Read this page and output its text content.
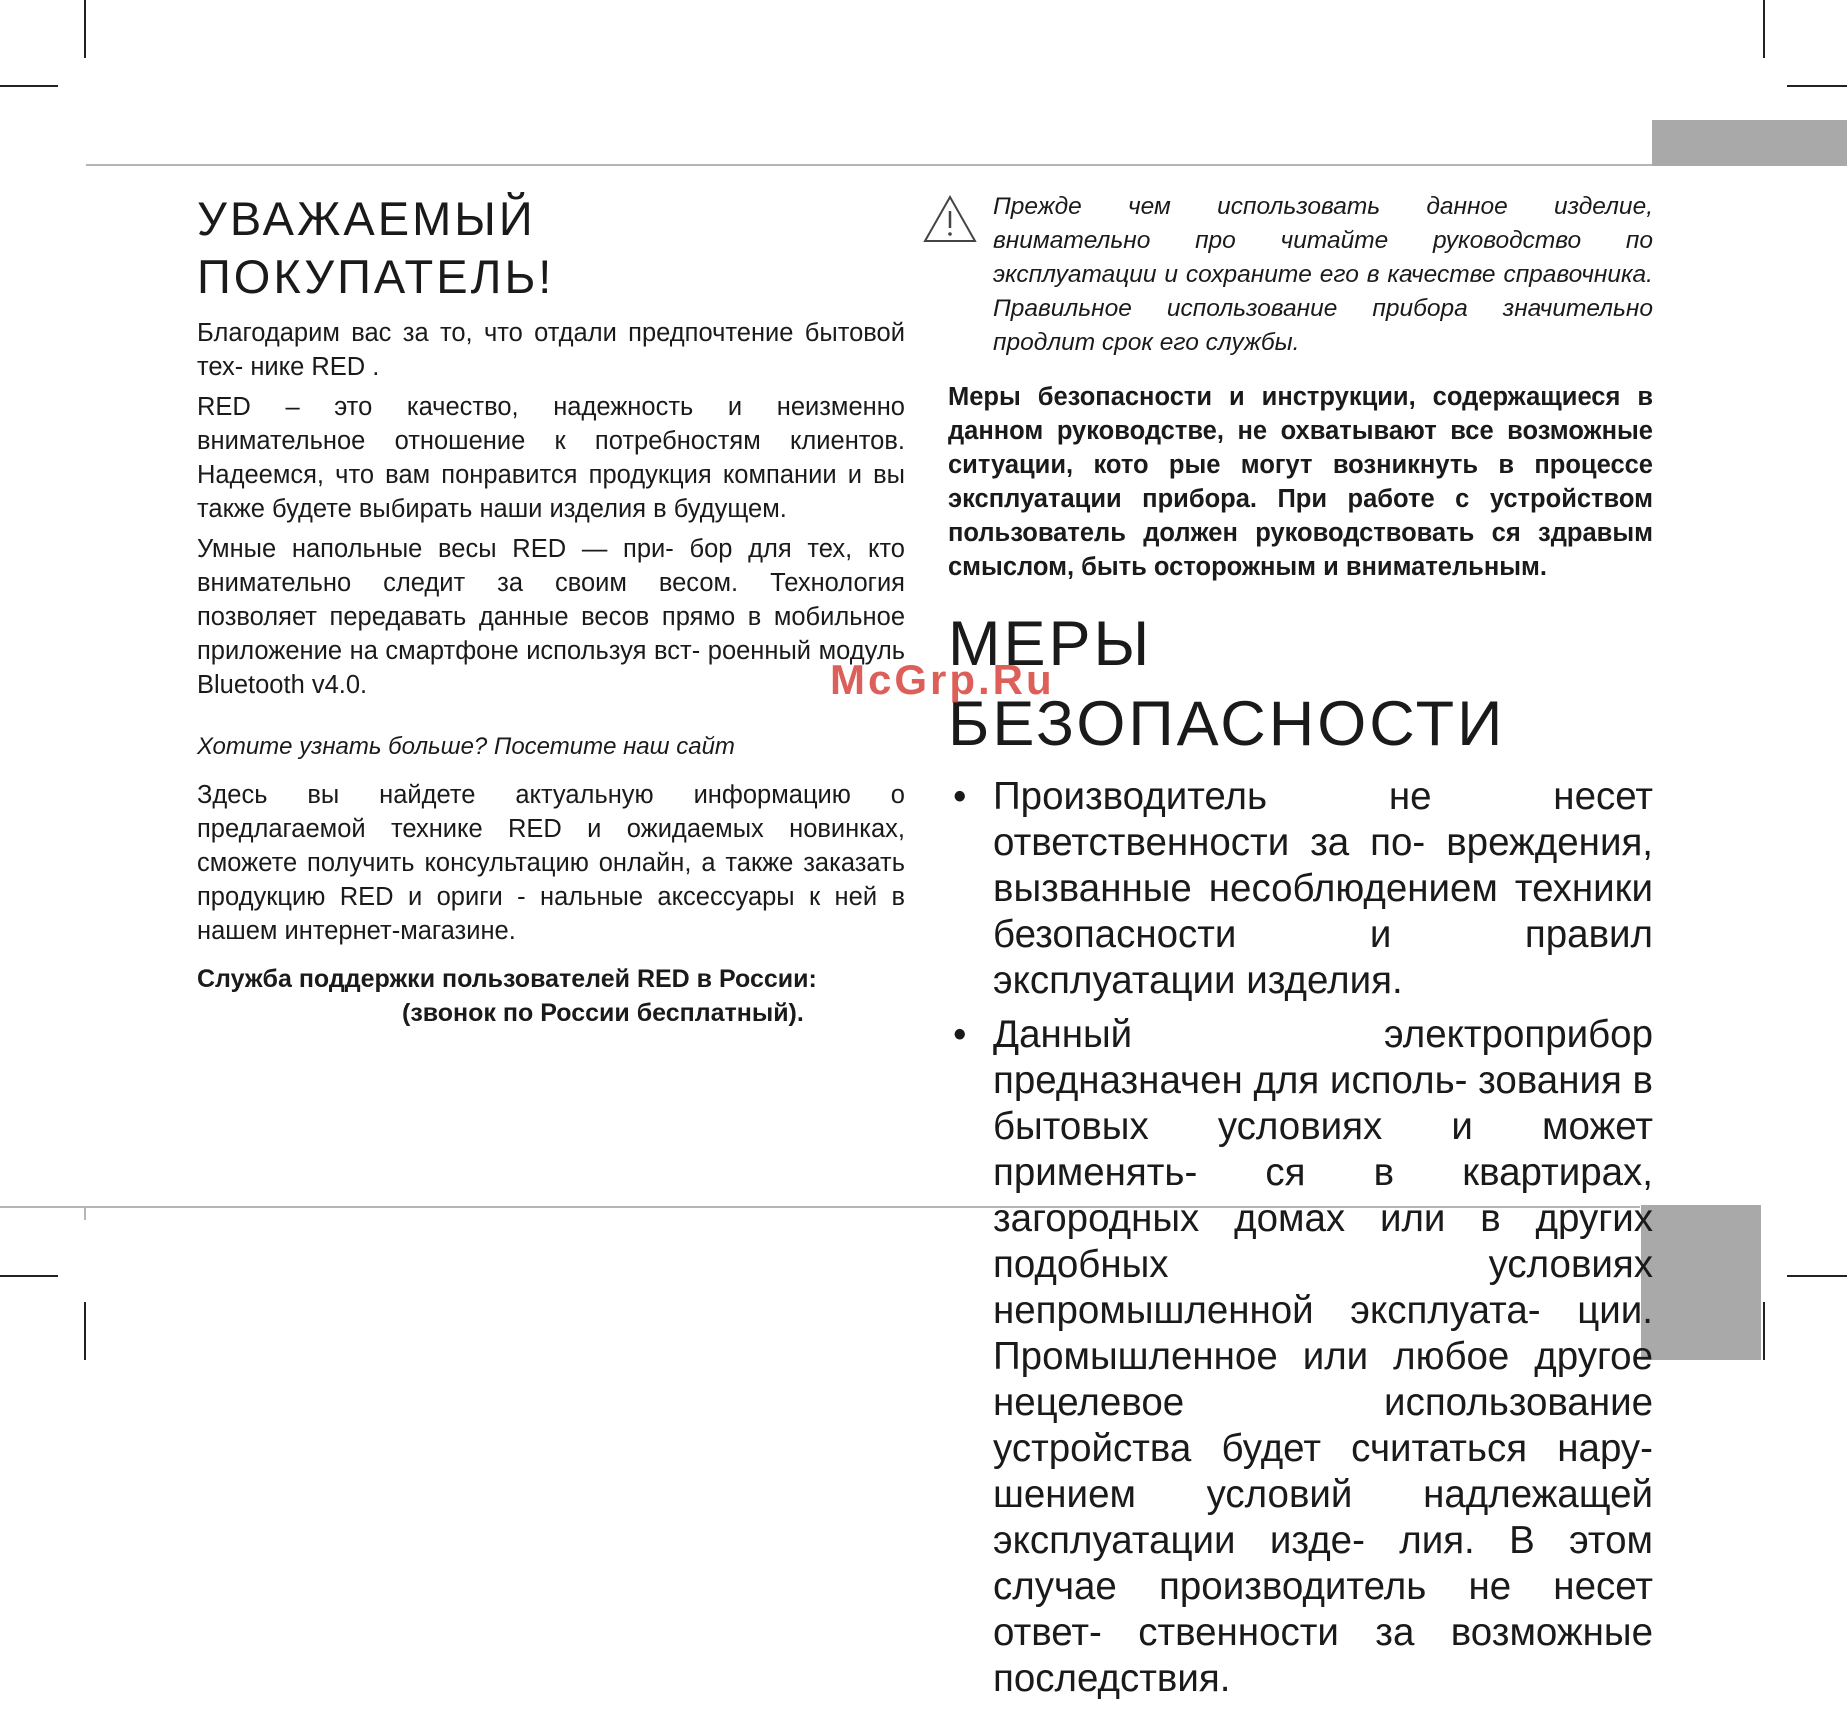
УВАЖАЕМЫЙ ПОКУПАТЕЛЬ!

Благодарим вас за то, что отдали предпочтение бытовой тех- нике RED .

RED – это качество, надежность и неизменно внимательное отношение к потребностям клиентов. Надеемся, что вам понравится продукция компании и вы также будете выбирать наши изделия в будущем.

Умные напольные весы RED — при- бор для тех, кто внимательно следит за своим весом. Технология позволяет передавать данные весов прямо в мобильное приложение на смартфоне используя вст- роенный модуль Bluetooth v4.0.

Хотите узнать больше? Посетите наш сайт

Здесь вы найдете актуальную информацию о предлагаемой технике RED и ожидаемых новинках, сможете получить консультацию онлайн, а также заказать продукцию RED и ориги - нальные аксессуары к ней в нашем интернет-магазине.

Служба поддержки пользователей RED в России:

(звонок по России бесплатный).

Прежде чем использовать данное изделие, внимательно про читайте руководство по эксплуатации и сохраните его в качестве справочника. Правильное использование прибора значительно продлит срок его службы.

Меры безопасности и инструкции, содержащиеся в данном руководстве, не охватывают все возможные ситуации, кото рые могут возникнуть в процессе эксплуатации прибора. При работе с устройством пользователь должен руководствовать ся здравым смыслом, быть осторожным и внимательным.

МЕРЫ БЕЗОПАСНОСТИ
• Производитель не несет ответственности за по- вреждения, вызванные несоблюдением техники безопасности и правил эксплуатации изделия.
• Данный электроприбор предназначен для исполь- зования в бытовых условиях и может применять- ся в квартирах, загородных домах или в других подобных условиях непромышленной эксплуата- ции. Промышленное или любое другое нецелевое использование устройства будет считаться нару- шением условий надлежащей эксплуатации изде- лия. В этом случае производитель не несет ответ- ственности за возможные последствия.
McGrp.Ru
